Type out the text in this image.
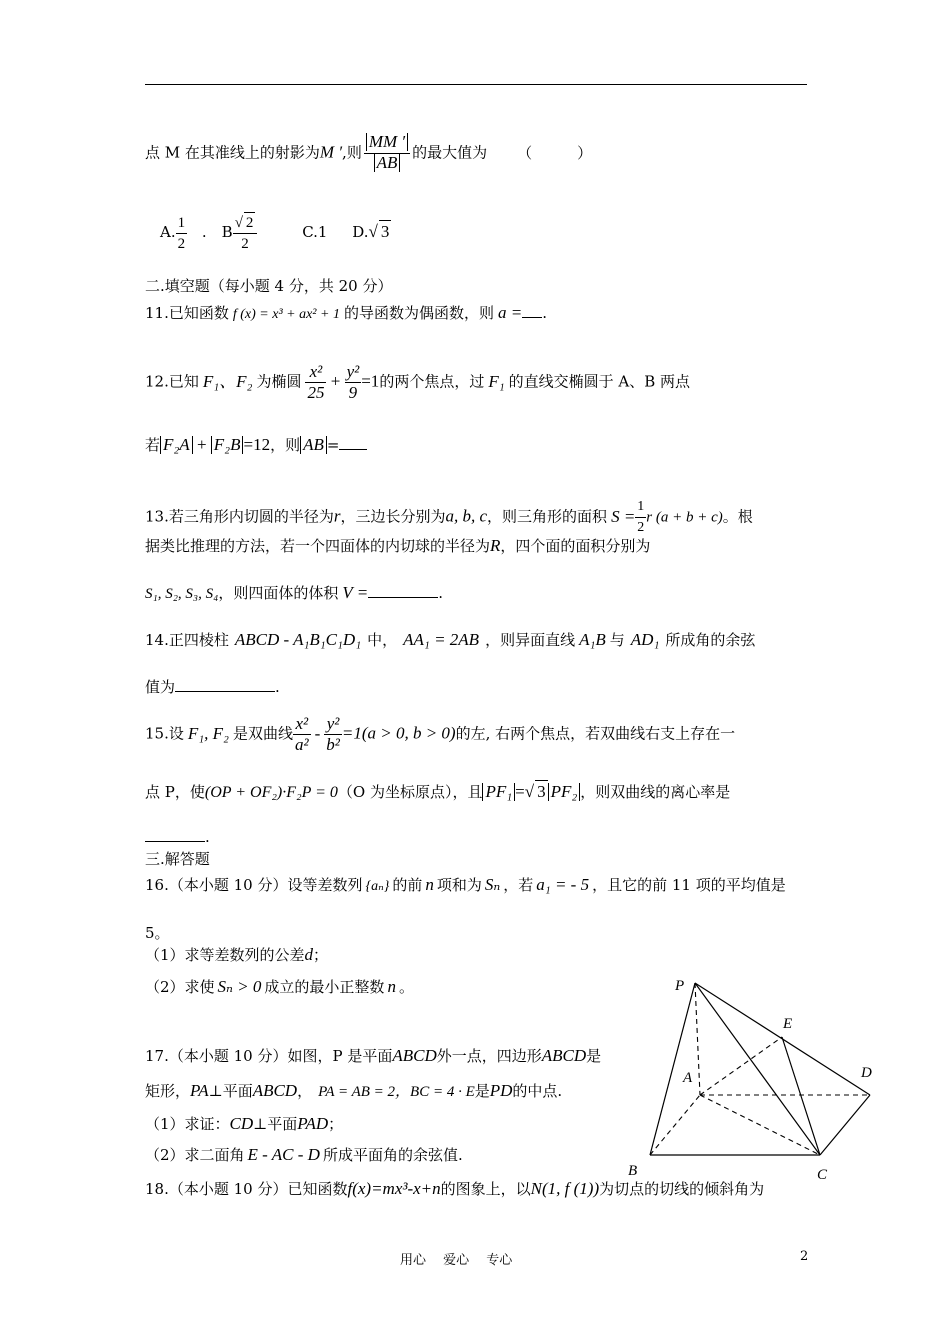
点 M 在其准线上的射影为M ′,则 $\frac{MM '}{AB}$ 的最大值为 （　　　）
A. $\frac{1}{2}$ .　B $\frac{√ 2}{2}$	C.1 D.√ 3
二.填空题（每小题 4 分，共 20 分）
11.已知函数 f (x) = x³ + ax² + 1 的导函数为偶函数，则 a = .
12.已知 F₁、F₂ 为椭圆 $\frac{\text{x²}}{25} + \frac{\text{y²}}{9} =1$的两个焦点，过 F₁ 的直线交椭圆于 A、B 两点
若 F₂A + F₂B =12，则 AB =
13.若三角形内切圆的半径为r，三边长分别为a, b, c，则三角形的面积 $S = \frac{1}{2}$ r (a + b + c)。根
据类比推理的方法，若一个四面体的内切球的半径为R，四个面的面积分别为
S₁, S₂, S₃, S₄，则四面体的体积 V =	.
14.正四棱柱 ABCD - A₁B₁C₁D₁ 中， AA₁ = 2AB ，则异面直线 A₁B 与 AD₁ 所成角的余弦
值为	.
15.设 F₁, F₂ 是双曲线 $\frac{\text{x²}}{\text{a²}} - \frac{\text{y²}}{\text{b²}} =1(a > 0$, b > 0)的左, 右两个焦点，若双曲线右支上存在一
点 P，使(OP + OF₂)·F₂P = 0（O 为坐标原点），且 PF₁ =√ 3 PF₂ ，则双曲线的离心率是
.
三.解答题
16.（本小题 10 分）设等差数列 {aₙ} 的前 n 项和为 Sₙ ，若 a₁ = - 5 ，且它的前 11 项的平均值是
5。
（1）求等差数列的公差d；
（2）求使 Sₙ > 0 成立的最小正整数 n 。
17.（本小题 10 分）如图，P 是平面ABCD外一点，四边形ABCD是
矩形，PA⊥平面ABCD， PA = AB = 2，BC = 4 · E是PD的中点.
（1）求证：CD⊥平面PAD；
（2）求二面角 E - AC - D 所成平面角的余弦值.
18.（本小题 10 分）已知函数f(x)=mx³-x+n的图象上，以N(1, f (1))为切点的切线的倾斜角为
P
E
A	D
B	C
用心　 爱心　 专心	2
